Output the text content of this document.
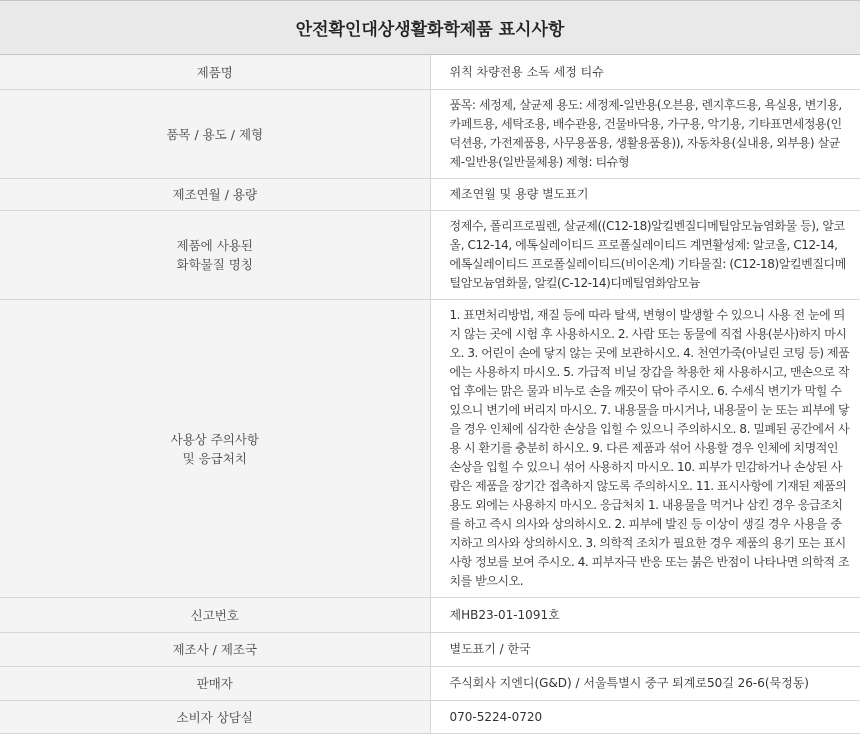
안전확인대상생활화학제품 표시사항	
제품명	위칙 차량전용 소독 세정 티슈
품목 / 용도 / 제형	품목: 세정제, 살균제 용도: 세정제-일반용(오븐용, 렌지후드용, 욕실용, 변기용,카페트용, 세탁조용, 배수관용, 건물바닥용, 가구용, 악기용, 기타표면세정용(인덕션용, 가전제품용, 사무용품용, 생활용품용)), 자동차용(실내용, 외부용) 살균제-일반용(일반물체용) 제형: 티슈형
제조연월 / 용량	제조연월 및 용량 별도표기
제품에 사용된
화학물질 명칭	정제수, 폴리프로필렌, 살균제((C12-18)알킬벤질디메틸암모늄염화물 등), 알코올, C12-14, 에톡실레이티드 프로폴실레이티드 계면활성제: 알코올, C12-14, 에톡실레이티드 프로폴실레이티드(비이온계) 기타물질: (C12-18)알킬벤질디메틸암모늄염화물, 알킬(C-12-14)디메틸염화암모늄
사용상 주의사항
및 응급처치	1. 표면처리방법, 재질 등에 따라 탈색, 변형이 발생할 수 있으니 사용 전 눈에 띄지 않는 곳에 시험 후 사용하시오. 2. 사람 또는 동물에 직접 사용(분사)하지 마시오. 3. 어린이 손에 닿지 않는 곳에 보관하시오. 4. 천연가죽(아닐린 코팅 등) 제품에는 사용하지 마시오. 5. 가급적 비닐 장갑을 착용한 채 사용하시고, 맨손으로 작업 후에는 맑은 물과 비누로 손을 깨끗이 닦아 주시오. 6. 수세식 변기가 막힐 수 있으니 변기에 버리지 마시오. 7. 내용물을 마시거나, 내용물이 눈 또는 피부에 닿을 경우 인체에 심각한 손상을 입힐 수 있으니 주의하시오. 8. 밀폐된 공간에서 사용 시 환기를 충분히 하시오. 9. 다른 제품과 섞어 사용할 경우 인체에 치명적인 손상을 입힐 수 있으니 섞어 사용하지 마시오. 10. 피부가 민감하거나 손상된 사람은 제품을 장기간 접촉하지 않도록 주의하시오. 11. 표시사항에 기재된 제품의 용도 외에는 사용하지 마시오. 응급처치 1. 내용물을 먹거나 삼킨 경우 응급조치를 하고 즉시 의사와 상의하시오. 2. 피부에 발진 등 이상이 생길 경우 사용을 중지하고 의사와 상의하시오. 3. 의학적 조치가 필요한 경우 제품의 용기 또는 표시사항 정보를 보여 주시오. 4. 피부자극 반응 또는 붉은 반점이 나타나면 의학적 조치를 받으시오.
신고번호	제HB23-01-1091호
제조사 / 제조국	별도표기 / 한국
판매자	주식회사 지엔디(G&D) / 서울특별시 중구 퇴계로50길 26-6(묵정동)
소비자 상담실	070-5224-0720
